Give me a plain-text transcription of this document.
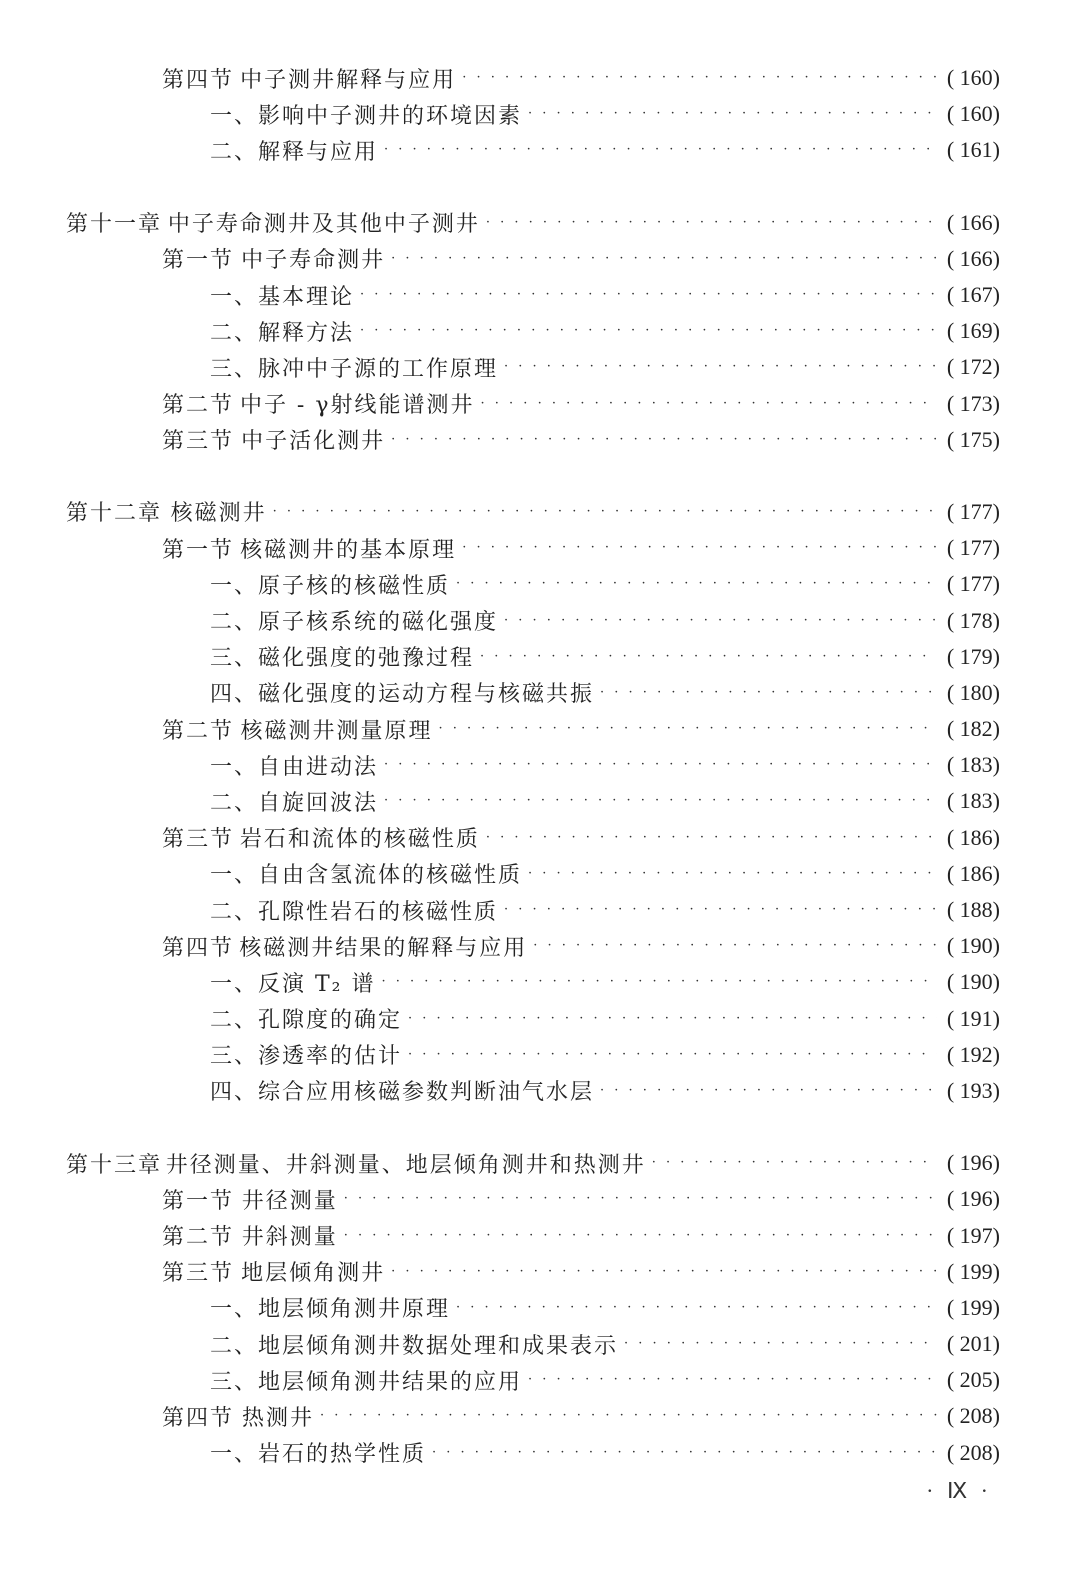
第四节 中子测井解释与应用 · · ·	( 160)
一、影响中子测井的环境因素 · · ·	( 160)
二、解释与应用 · · ·	( 161)
第十一章 中子寿命测井及其他中子测井 · · ·	( 166)
第一节 中子寿命测井 · · ·	( 166)
一、基本理论 · · ·	( 167)
二、解释方法 · · ·	( 169)
三、脉冲中子源的工作原理 · · ·	( 172)
第二节 中子 - γ射线能谱测井 · · ·	( 173)
第三节 中子活化测井 · · ·	( 175)
第十二章 核磁测井 · · ·	( 177)
第一节 核磁测井的基本原理 · · ·	( 177)
一、原子核的核磁性质 · · ·	( 177)
二、原子核系统的磁化强度 · · ·	( 178)
三、磁化强度的弛豫过程 · · ·	( 179)
四、磁化强度的运动方程与核磁共振 · · ·	( 180)
第二节 核磁测井测量原理 · · ·	( 182)
一、自由进动法 · · ·	( 183)
二、自旋回波法 · · ·	( 183)
第三节 岩石和流体的核磁性质 · · ·	( 186)
一、自由含氢流体的核磁性质 · · ·	( 186)
二、孔隙性岩石的核磁性质 · · ·	( 188)
第四节 核磁测井结果的解释与应用 · · ·	( 190)
一、反演 T₂ 谱 · · ·	( 190)
二、孔隙度的确定 · · ·	( 191)
三、渗透率的估计 · · ·	( 192)
四、综合应用核磁参数判断油气水层 · · ·	( 193)
第十三章 井径测量、井斜测量、地层倾角测井和热测井 · · ·	( 196)
第一节 井径测量 · · ·	( 196)
第二节 井斜测量 · · ·	( 197)
第三节 地层倾角测井 · · ·	( 199)
一、地层倾角测井原理 · · ·	( 199)
二、地层倾角测井数据处理和成果表示 · · ·	( 201)
三、地层倾角测井结果的应用 · · ·	( 205)
第四节 热测井 · · ·	( 208)
一、岩石的热学性质 · · ·	( 208)
· Ⅸ ·
